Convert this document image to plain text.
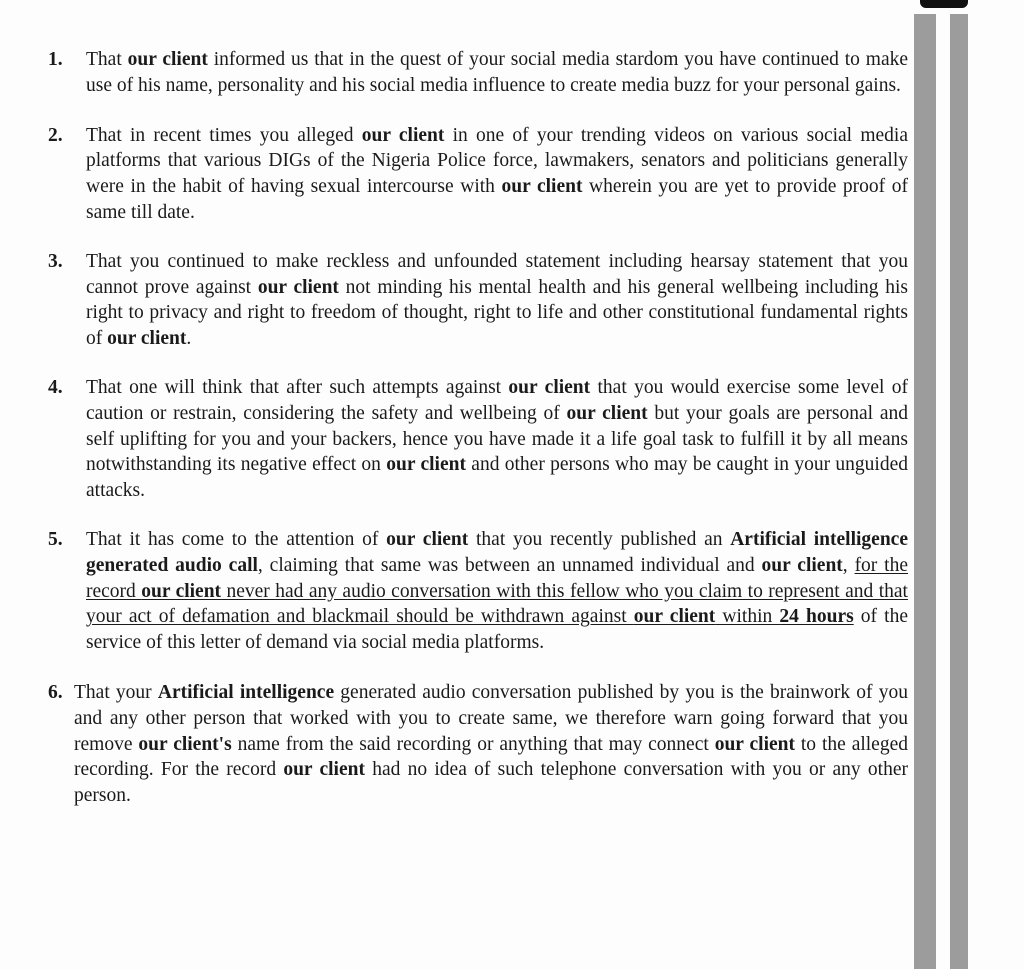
1. That our client informed us that in the quest of your social media stardom you have continued to make use of his name, personality and his social media influence to create media buzz for your personal gains.
2. That in recent times you alleged our client in one of your trending videos on various social media platforms that various DIGs of the Nigeria Police force, lawmakers, senators and politicians generally were in the habit of having sexual intercourse with our client wherein you are yet to provide proof of same till date.
3. That you continued to make reckless and unfounded statement including hearsay statement that you cannot prove against our client not minding his mental health and his general wellbeing including his right to privacy and right to freedom of thought, right to life and other constitutional fundamental rights of our client.
4. That one will think that after such attempts against our client that you would exercise some level of caution or restrain, considering the safety and wellbeing of our client but your goals are personal and self uplifting for you and your backers, hence you have made it a life goal task to fulfill it by all means notwithstanding its negative effect on our client and other persons who may be caught in your unguided attacks.
5. That it has come to the attention of our client that you recently published an Artificial intelligence generated audio call, claiming that same was between an unnamed individual and our client, for the record our client never had any audio conversation with this fellow who you claim to represent and that your act of defamation and blackmail should be withdrawn against our client within 24 hours of the service of this letter of demand via social media platforms.
6. That your Artificial intelligence generated audio conversation published by you is the brainwork of you and any other person that worked with you to create same, we therefore warn going forward that you remove our client's name from the said recording or anything that may connect our client to the alleged recording. For the record our client had no idea of such telephone conversation with you or any other person.
